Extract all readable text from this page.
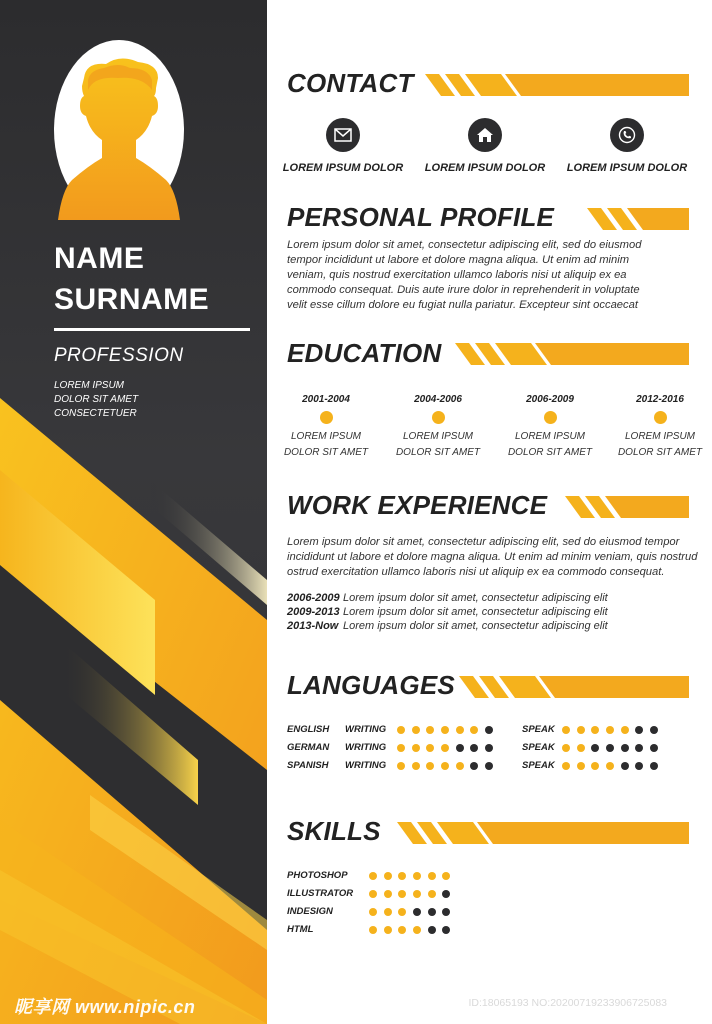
NAME
SURNAME
PROFESSION
LOREM IPSUM
DOLOR SIT AMET
CONSECTETUER
昵享网 www.nipic.cn
CONTACT
LOREM IPSUM DOLOR	LOREM IPSUM DOLOR	LOREM IPSUM DOLOR
PERSONAL PROFILE
Lorem ipsum dolor sit amet, consectetur adipiscing elit, sed do eiusmod
tempor incididunt ut labore et dolore magna aliqua. Ut enim ad minim
veniam, quis nostrud exercitation ullamco laboris nisi ut aliquip ex ea
commodo consequat. Duis aute irure dolor in reprehenderit in voluptate
velit esse cillum dolore eu fugiat nulla pariatur. Excepteur sint occaecat
EDUCATION
2001-2004
LOREM IPSUM
DOLOR SIT AMET
2004-2006
LOREM IPSUM
DOLOR SIT AMET
2006-2009
LOREM IPSUM
DOLOR SIT AMET
2012-2016
LOREM IPSUM
DOLOR SIT AMET
WORK EXPERIENCE
Lorem ipsum dolor sit amet, consectetur adipiscing elit, sed do eiusmod tempor
incididunt ut labore et dolore magna aliqua. Ut enim ad minim veniam, quis nostrud
ostrud exercitation ullamco laboris nisi ut aliquip ex ea commodo consequat.
2006-2009 Lorem ipsum dolor sit amet, consectetur adipiscing elit
2009-2013 Lorem ipsum dolor sit amet, consectetur adipiscing elit
2013-Now Lorem ipsum dolor sit amet, consectetur adipiscing elit
LANGUAGES
ENGLISH WRITING	SPEAK
GERMAN WRITING	SPEAK
SPANISH WRITING	SPEAK
SKILLS
PHOTOSHOP
ILLUSTRATOR
INDESIGN
HTML
ID:18065193 NO:20200719233906725083
